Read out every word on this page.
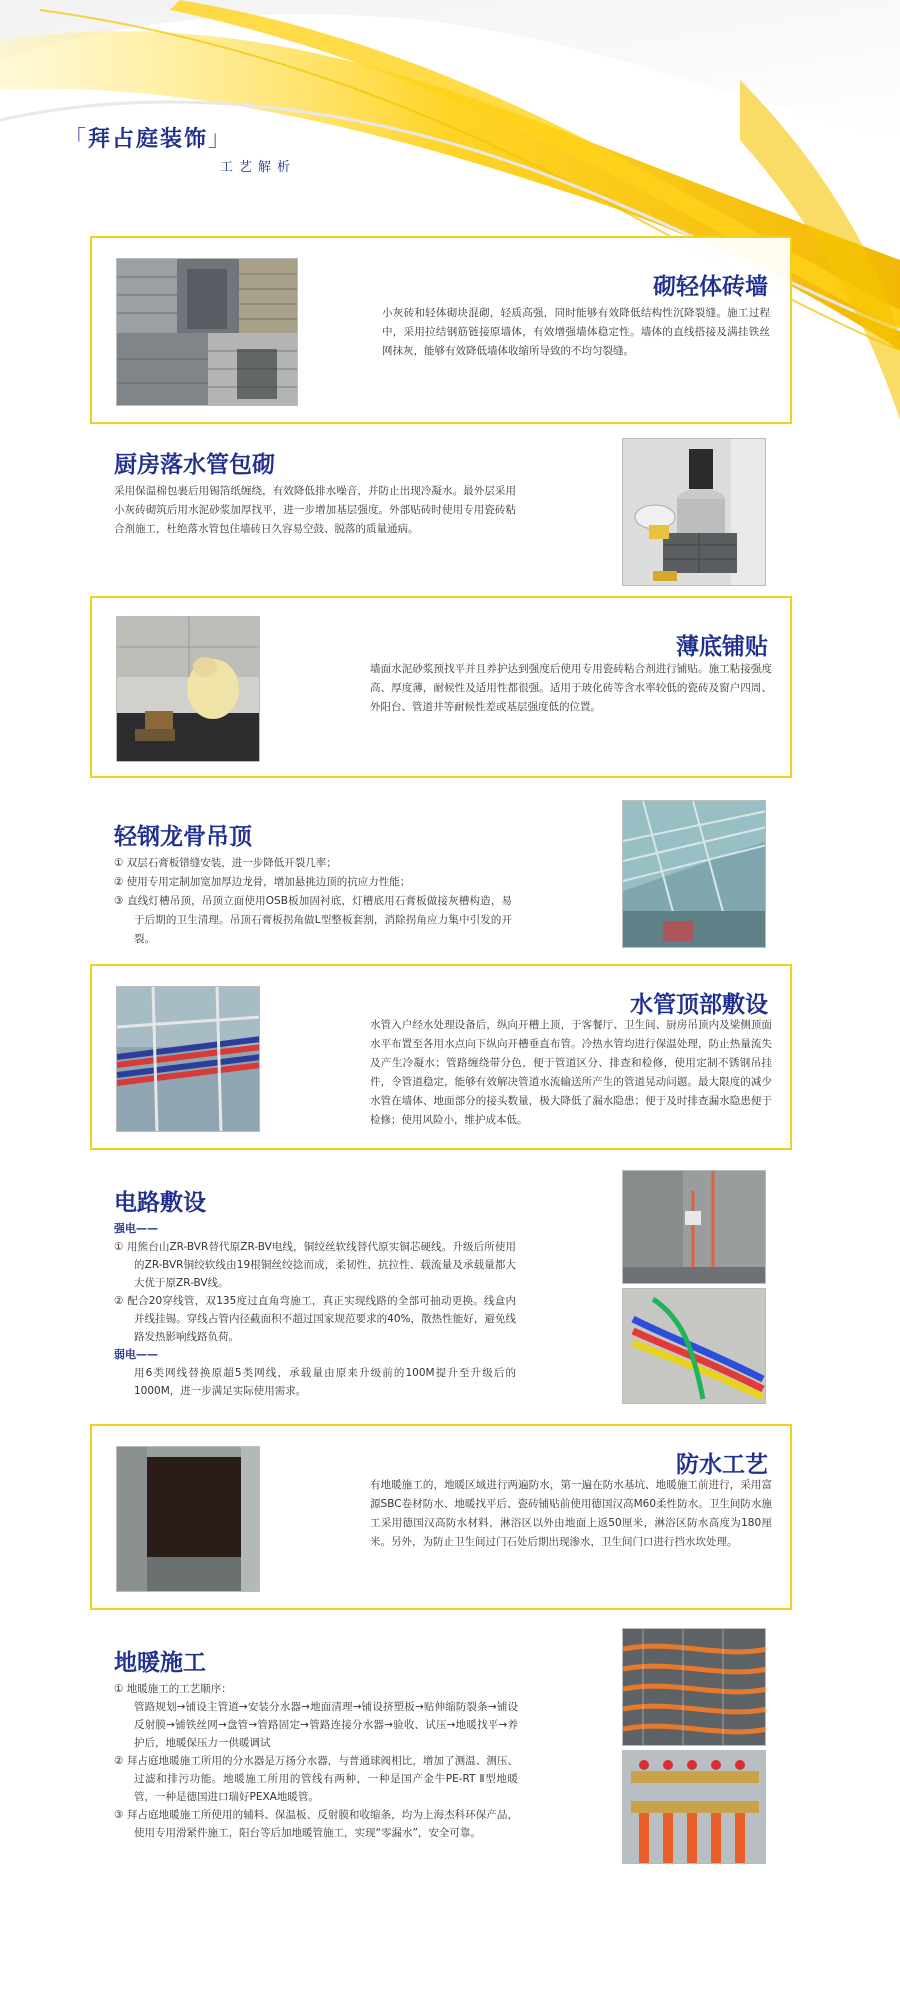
「拜占庭装饰」
工艺解析
砌轻体砖墙
小灰砖和轻体砌块混砌，轻质高强，同时能够有效降低结构性沉降裂缝。施工过程中，采用拉结钢筋链接原墙体，有效增强墙体稳定性。墙体的直线搭接及满挂铁丝网抹灰，能够有效降低墙体收缩所导致的不均匀裂缝。
厨房落水管包砌
采用保温棉包裹后用锡箔纸缠绕，有效降低排水噪音，并防止出现冷凝水。最外层采用小灰砖砌筑后用水泥砂浆加厚找平，进一步增加基层强度。外部贴砖时使用专用瓷砖粘合剂施工，杜绝落水管包住墙砖日久容易空鼓、脱落的质量通病。
薄底铺贴
墙面水泥砂浆预找平并且养护达到强度后使用专用瓷砖粘合剂进行铺贴。施工粘接强度高、厚度薄，耐候性及适用性都很强。适用于玻化砖等含水率较低的瓷砖及窗户四周、外阳台、管道井等耐候性差或基层强度低的位置。
轻钢龙骨吊顶
① 双层石膏板错缝安装，进一步降低开裂几率；
② 使用专用定制加宽加厚边龙骨，增加悬挑边顶的抗应力性能；
③ 直线灯槽吊顶，吊顶立面使用OSB板加固衬底，灯槽底用石膏板做接灰槽构造，易于后期的卫生清理。吊顶石膏板拐角做L型整板套割，消除拐角应力集中引发的开裂。
水管顶部敷设
水管入户经水处理设备后，纵向开槽上顶，于客餐厅、卫生间、厨房吊顶内及梁侧顶面水平布置至各用水点向下纵向开槽垂直布管。冷热水管均进行保温处理，防止热量流失及产生冷凝水；管路缠绕带分色，便于管道区分、排查和检修，使用定制不锈钢吊挂件，令管道稳定，能够有效解决管道水流输送所产生的管道晃动问题。最大限度的减少水管在墙体、地面部分的接头数量，极大降低了漏水隐患；便于及时排查漏水隐患便于检修；使用风险小，维护成本低。
电路敷设
强电——
① 用熊台山ZR-BVR替代原ZR-BV电线，铜绞丝软线替代原实铜芯硬线。升级后所使用的ZR-BVR铜绞软线由19根铜丝绞捻而成，柔韧性、抗拉性、载流量及承载量都大大优于原ZR-BV线。
② 配合20穿线管，双135度过直角弯施工，真正实现线路的全部可抽动更换。线盒内并线挂锡。穿线占管内径截面积不超过国家规范要求的40%，散热性能好，避免线路发热影响线路负荷。
弱电——
用6类网线替换原超5类网线，承载量由原来升级前的100M提升至升级后的1000M，进一步满足实际使用需求。
防水工艺
有地暖施工的，地暖区域进行两遍防水，第一遍在防水基坑、地暖施工前进行，采用富源SBC卷材防水、地暖找平后、瓷砖铺贴前使用德国汉高M60柔性防水。卫生间防水施工采用德国汉高防水材料，淋浴区以外由地面上返50厘米，淋浴区防水高度为180厘米。另外，为防止卫生间过门石处后期出现渗水，卫生间门口进行挡水坎处理。
地暖施工
① 地暖施工的工艺顺序：
管路规划→铺设主管道→安装分水器→地面清理→铺设挤塑板→贴伸缩防裂条→铺设反射膜→铺铁丝网→盘管→管路固定→管路连接分水器→验收、试压→地暖找平→养护后，地暖保压力一供暖调试
② 拜占庭地暖施工所用的分水器是万扬分水器，与普通球阀相比，增加了测温、测压、过滤和排污功能。地暖施工所用的管线有两种，一种是国产金牛PE-RT Ⅱ型地暖管，一种是德国进口瑞好PEXA地暖管。
③ 拜占庭地暖施工所使用的辅料、保温板、反射膜和收缩条，均为上海杰科环保产品，使用专用滑紧件施工，阳台等后加地暖管施工，实现“零漏水”，安全可靠。
